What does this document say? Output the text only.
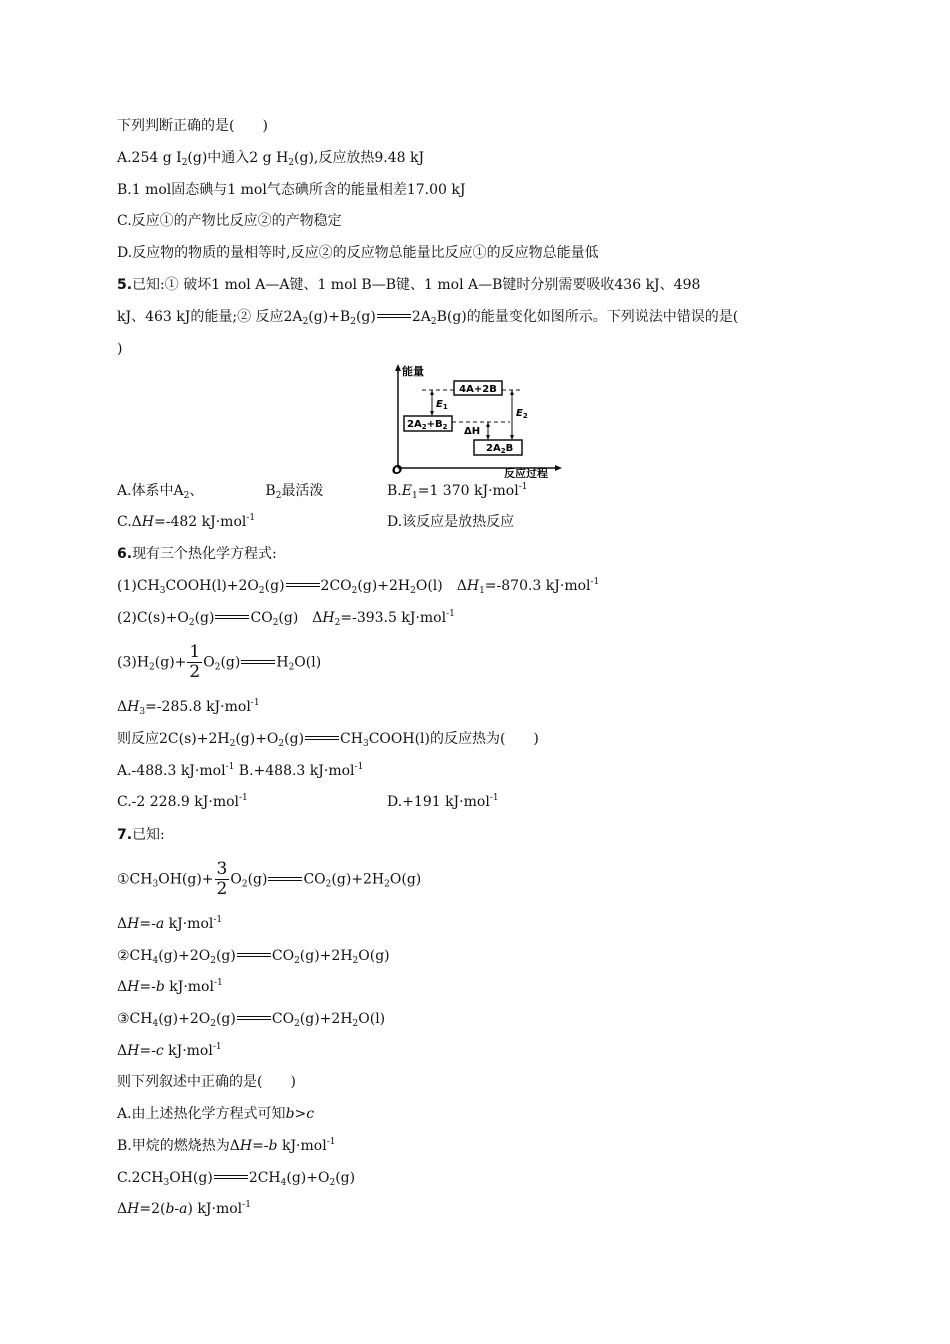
下列判断正确的是(　　)
A.254 g $I_2(g)$中通入2 g $H_2(g)$,反应放热9.48 kJ
B.1 mol固态碘与1 mol气态碘所含的能量相差17.00 kJ
C.反应①的产物比反应②的产物稳定
D.反应物的物质的量相等时,反应②的反应物总能量比反应①的反应物总能量低
5.已知:① 破坏1 mol A—A键、1 mol B—B键、1 mol A—B键时分别需要吸收436 kJ、498
kJ、463 kJ的能量;② 反应$2A_2(g)+B_2(g)$	$2A_2B(g)$的能量变化如图所示。下列说法中错误的是(
)
能量
反应过程
O
4A+2B
$2A_2+B_2$
$2A_2B$
$E_1$
$E_2$
ΔH
A.体系中$A_2$、	$B_2$最活泼	$B.E_1=1$ 370 kJ·mol$^{-1}$
C.ΔH=-482 kJ·mol$^{-1}$	D.该反应是放热反应
6.现有三个热化学方程式:
$(1)CH_3COOH(l)+2O_2(g)$	$2CO_2(g)+2H_2O(l)$　$\Delta H_1=-870.3$ kJ·mol$^{-1}$
$(2)C(s)+O_2(g)$	$CO_2(g)$　$\Delta H_2=-393.5$ kJ·mol$^{-1}$
$(3)H_2(g)+ \frac{1}{2} O_2(g)$	$H_2O(l)$
$\Delta H_3=-285.8$ kJ·mol$^{-1}$
则反应$2C(s)+2H_2(g)+O_2(g)$	$CH_3COOH(l)$的反应热为(　　)
A.-488.3 kJ·mol$^{-1}$ B.+488.3 kJ·mol$^{-1}$
C.-2 228.9 kJ·mol$^{-1}$	D.+191 kJ·mol$^{-1}$
7.已知:
$①CH_3OH(g)+ \frac{3}{2} O_2(g)$	$CO_2(g)+2H_2O(g)$
ΔH=-a kJ·mol$^{-1}$
$②CH_4(g)+2O_2(g)$	$CO_2(g)+2H_2O(g)$
ΔH=-b kJ·mol$^{-1}$
$③CH_4(g)+2O_2(g)$	$CO_2(g)+2H_2O(l)$
ΔH=-c kJ·mol$^{-1}$
则下列叙述中正确的是(　　)
A.由上述热化学方程式可知b>c
B.甲烷的燃烧热为ΔH=-b kJ·mol$^{-1}$
$C.2CH_3OH(g)$	$2CH_4(g)+O_2(g)$
ΔH=2(b-a) kJ·mol$^{-1}$
